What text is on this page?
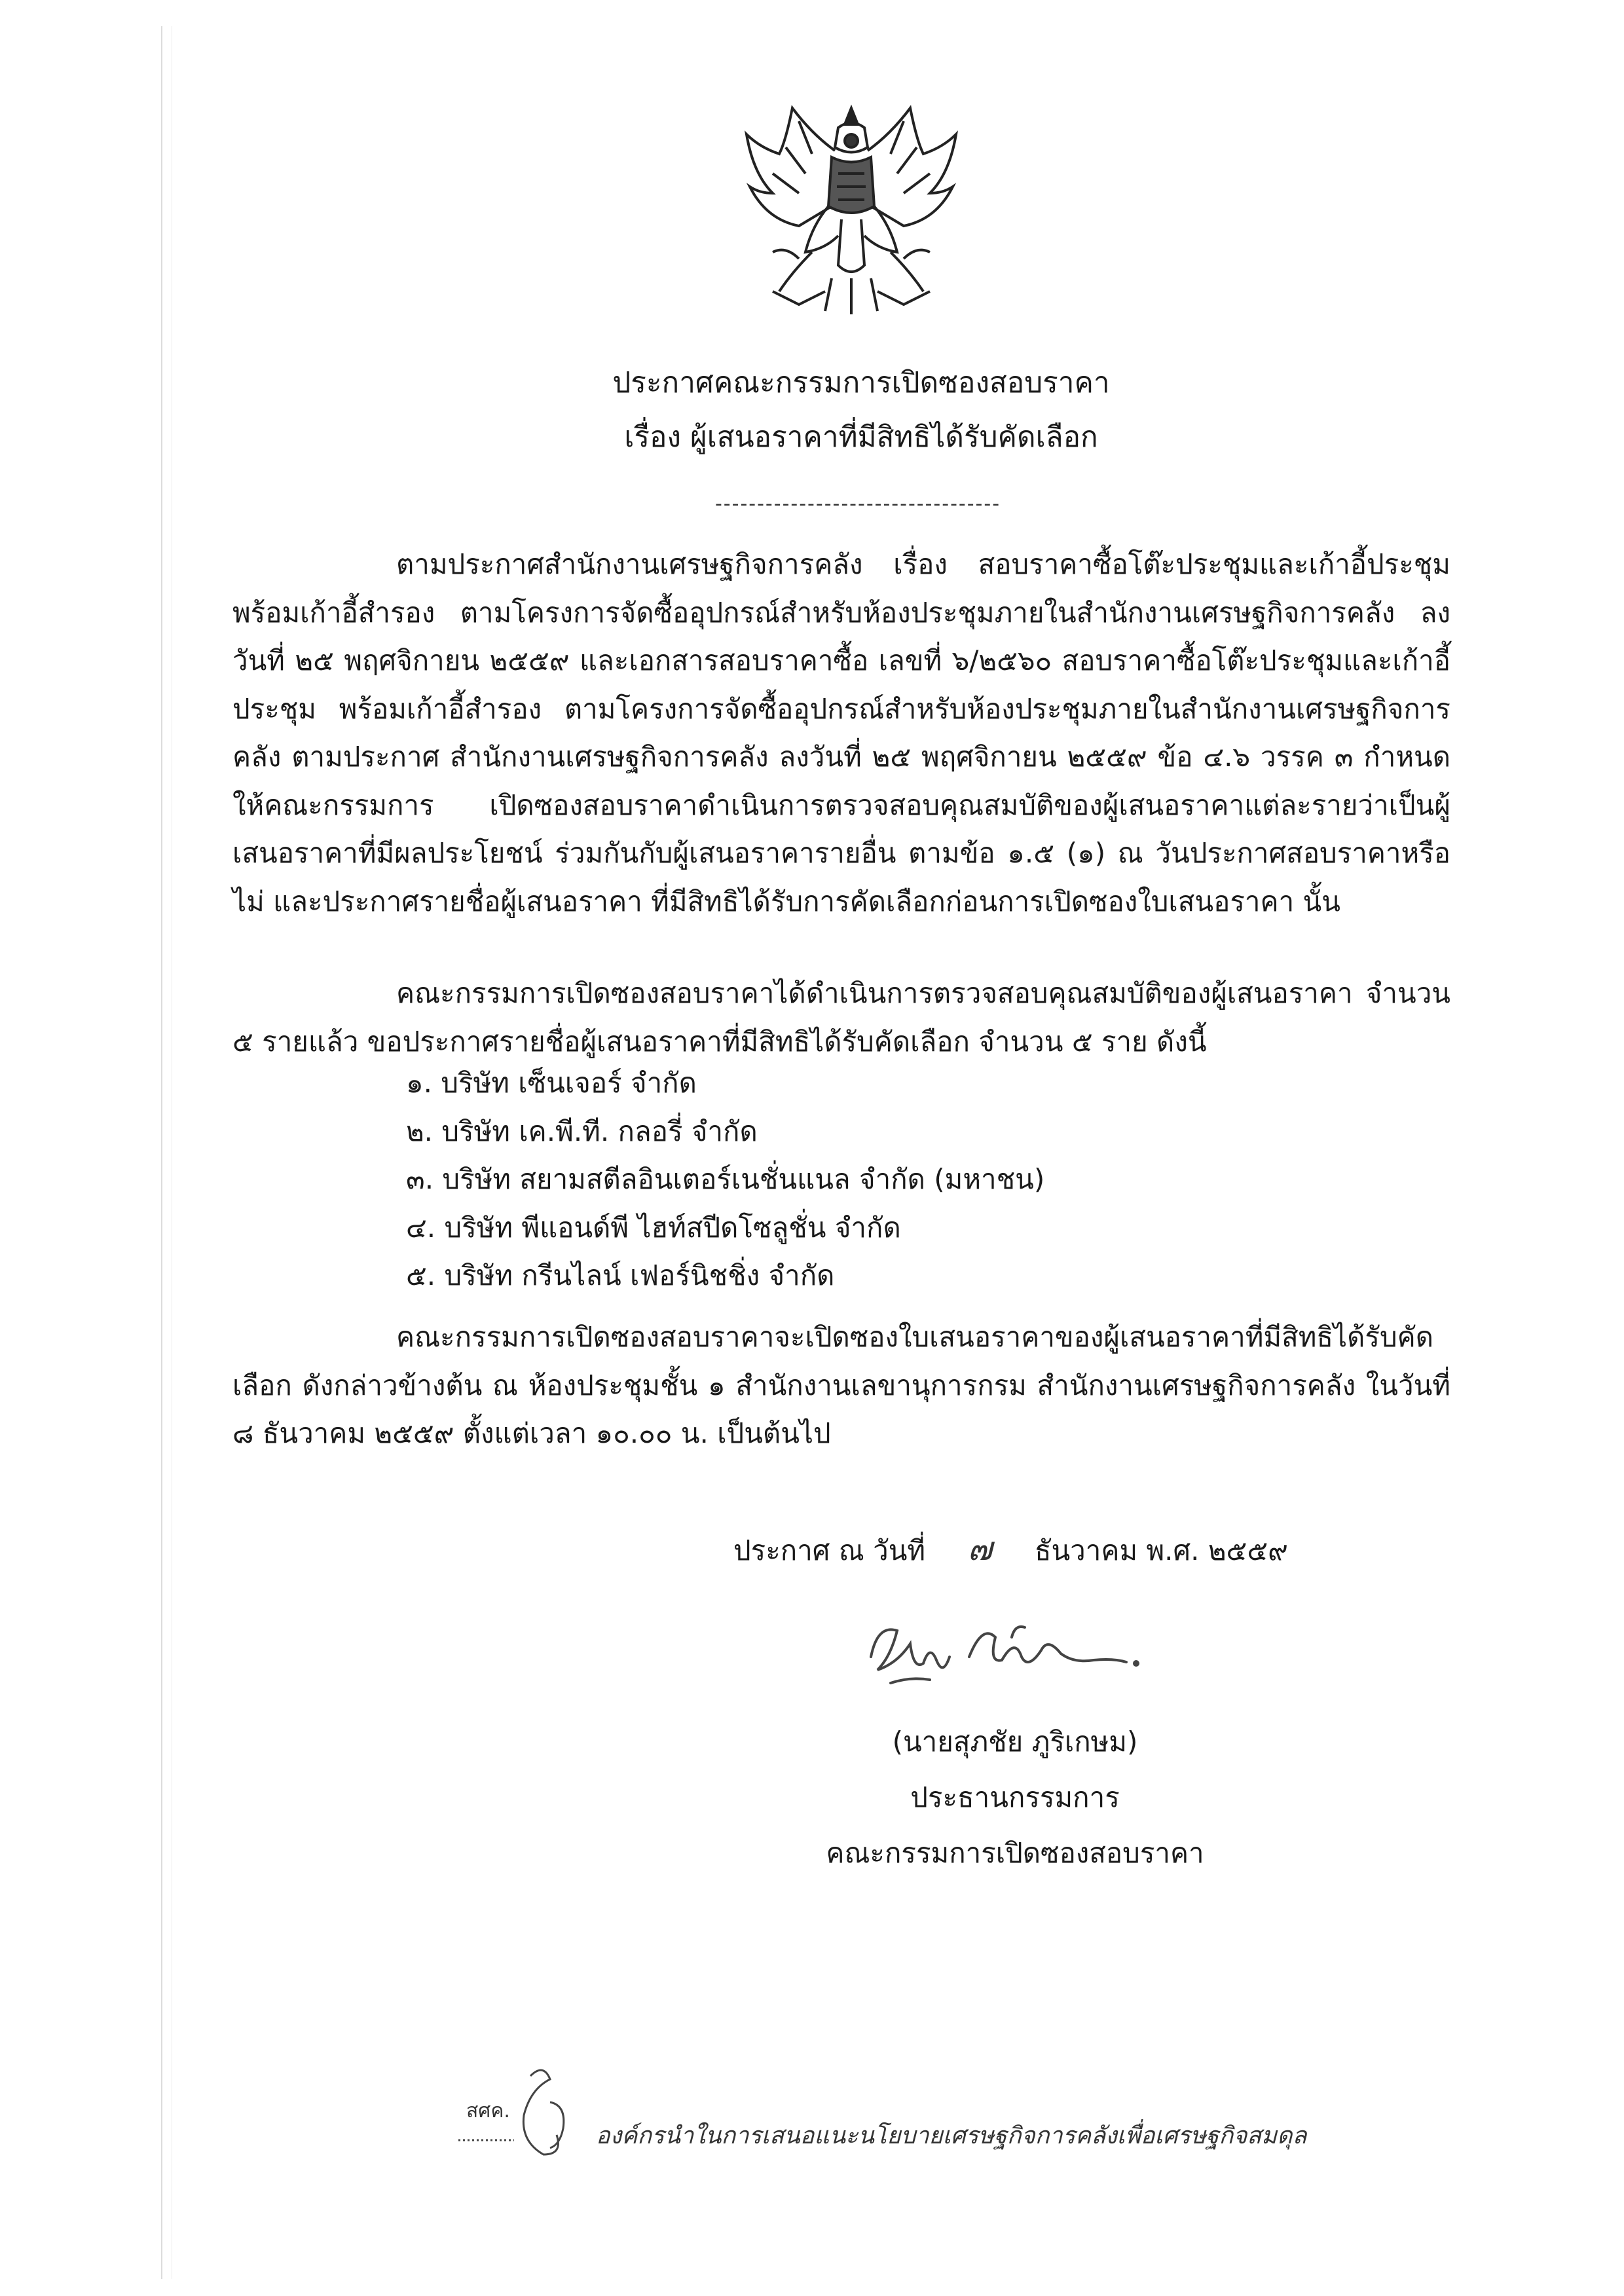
ประกาศคณะกรรมการเปิดซองสอบราคา
เรื่อง ผู้เสนอราคาที่มีสิทธิได้รับคัดเลือก
----------------------------------
ตามประกาศสำนักงานเศรษฐกิจการคลัง เรื่อง สอบราคาซื้อโต๊ะประชุมและเก้าอี้ประชุม พร้อมเก้าอี้สำรอง ตามโครงการจัดซื้ออุปกรณ์สำหรับห้องประชุมภายในสำนักงานเศรษฐกิจการคลัง ลงวันที่ ๒๕ พฤศจิกายน ๒๕๕๙ และเอกสารสอบราคาซื้อ เลขที่ ๖/๒๕๖๐ สอบราคาซื้อโต๊ะประชุมและเก้าอี้ประชุม พร้อมเก้าอี้สำรอง ตามโครงการจัดซื้ออุปกรณ์สำหรับห้องประชุมภายในสำนักงานเศรษฐกิจการคลัง ตามประกาศ สำนักงานเศรษฐกิจการคลัง ลงวันที่ ๒๕ พฤศจิกายน ๒๕๕๙ ข้อ ๔.๖ วรรค ๓ กำหนดให้คณะกรรมการ เปิดซองสอบราคาดำเนินการตรวจสอบคุณสมบัติของผู้เสนอราคาแต่ละรายว่าเป็นผู้เสนอราคาที่มีผลประโยชน์ ร่วมกันกับผู้เสนอราคารายอื่น ตามข้อ ๑.๕ (๑) ณ วันประกาศสอบราคาหรือไม่ และประกาศรายชื่อผู้เสนอราคา ที่มีสิทธิได้รับการคัดเลือกก่อนการเปิดซองใบเสนอราคา นั้น
คณะกรรมการเปิดซองสอบราคาได้ดำเนินการตรวจสอบคุณสมบัติของผู้เสนอราคา จำนวน ๕ รายแล้ว ขอประกาศรายชื่อผู้เสนอราคาที่มีสิทธิได้รับคัดเลือก จำนวน ๕ ราย ดังนี้
๑. บริษัท เซ็นเจอร์ จำกัด
๒. บริษัท เค.พี.ที. กลอรี่ จำกัด
๓. บริษัท สยามสตีลอินเตอร์เนชั่นแนล จำกัด (มหาชน)
๔. บริษัท พีแอนด์พี ไฮท์สปีดโซลูชั่น จำกัด
๕. บริษัท กรีนไลน์ เฟอร์นิชชิ่ง จำกัด
คณะกรรมการเปิดซองสอบราคาจะเปิดซองใบเสนอราคาของผู้เสนอราคาที่มีสิทธิได้รับคัดเลือก ดังกล่าวข้างต้น ณ ห้องประชุมชั้น ๑ สำนักงานเลขานุการกรม สำนักงานเศรษฐกิจการคลัง ในวันที่ ๘ ธันวาคม ๒๕๕๙ ตั้งแต่เวลา ๑๐.๐๐ น. เป็นต้นไป
ประกาศ ณ วันที่ ๗ ธันวาคม พ.ศ. ๒๕๕๙
(นายสุภชัย ภูริเกษม)
ประธานกรรมการ
คณะกรรมการเปิดซองสอบราคา
สศค.
องค์กรนำในการเสนอแนะนโยบายเศรษฐกิจการคลังเพื่อเศรษฐกิจสมดุล
